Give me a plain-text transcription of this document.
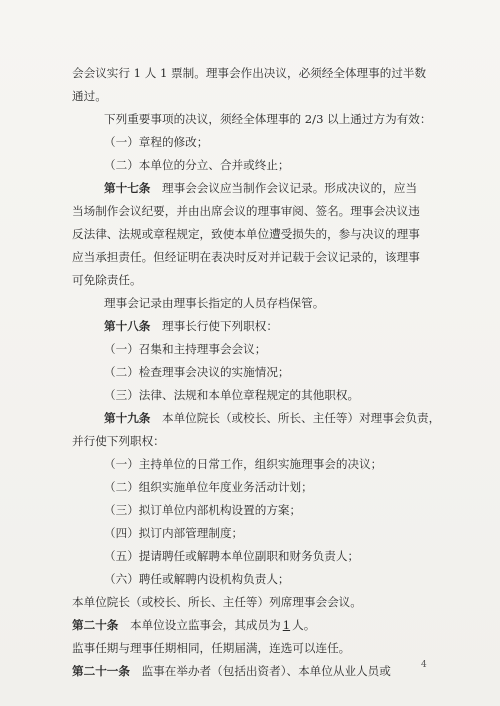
会会议实行 1 人 1 票制。理事会作出决议，必须经全体理事的过半数
通过。
下列重要事项的决议，须经全体理事的 2/3 以上通过方为有效：
（一）章程的修改；
（二）本单位的分立、合并或终止；
第十七条　理事会会议应当制作会议记录。形成决议的，应当
当场制作会议纪要，并由出席会议的理事审阅、签名。理事会决议违
反法律、法规或章程规定，致使本单位遭受损失的，参与决议的理事
应当承担责任。但经证明在表决时反对并记载于会议记录的，该理事
可免除责任。
理事会记录由理事长指定的人员存档保管。
第十八条　理事长行使下列职权：
（一）召集和主持理事会会议；
（二）检查理事会决议的实施情况；
（三）法律、法规和本单位章程规定的其他职权。
第十九条　本单位院长（或校长、所长、主任等）对理事会负责，
并行使下列职权：
（一）主持单位的日常工作，组织实施理事会的决议；
（二）组织实施单位年度业务活动计划；
（三）拟订单位内部机构设置的方案；
（四）拟订内部管理制度；
（五）提请聘任或解聘本单位副职和财务负责人；
（六）聘任或解聘内设机构负责人；
本单位院长（或校长、所长、主任等）列席理事会会议。
第二十条　本单位设立监事会，其成员为 1 人。
监事任期与理事任期相同，任期届满，连选可以连任。
第二十一条　监事在举办者（包括出资者）、本单位从业人员或	4
